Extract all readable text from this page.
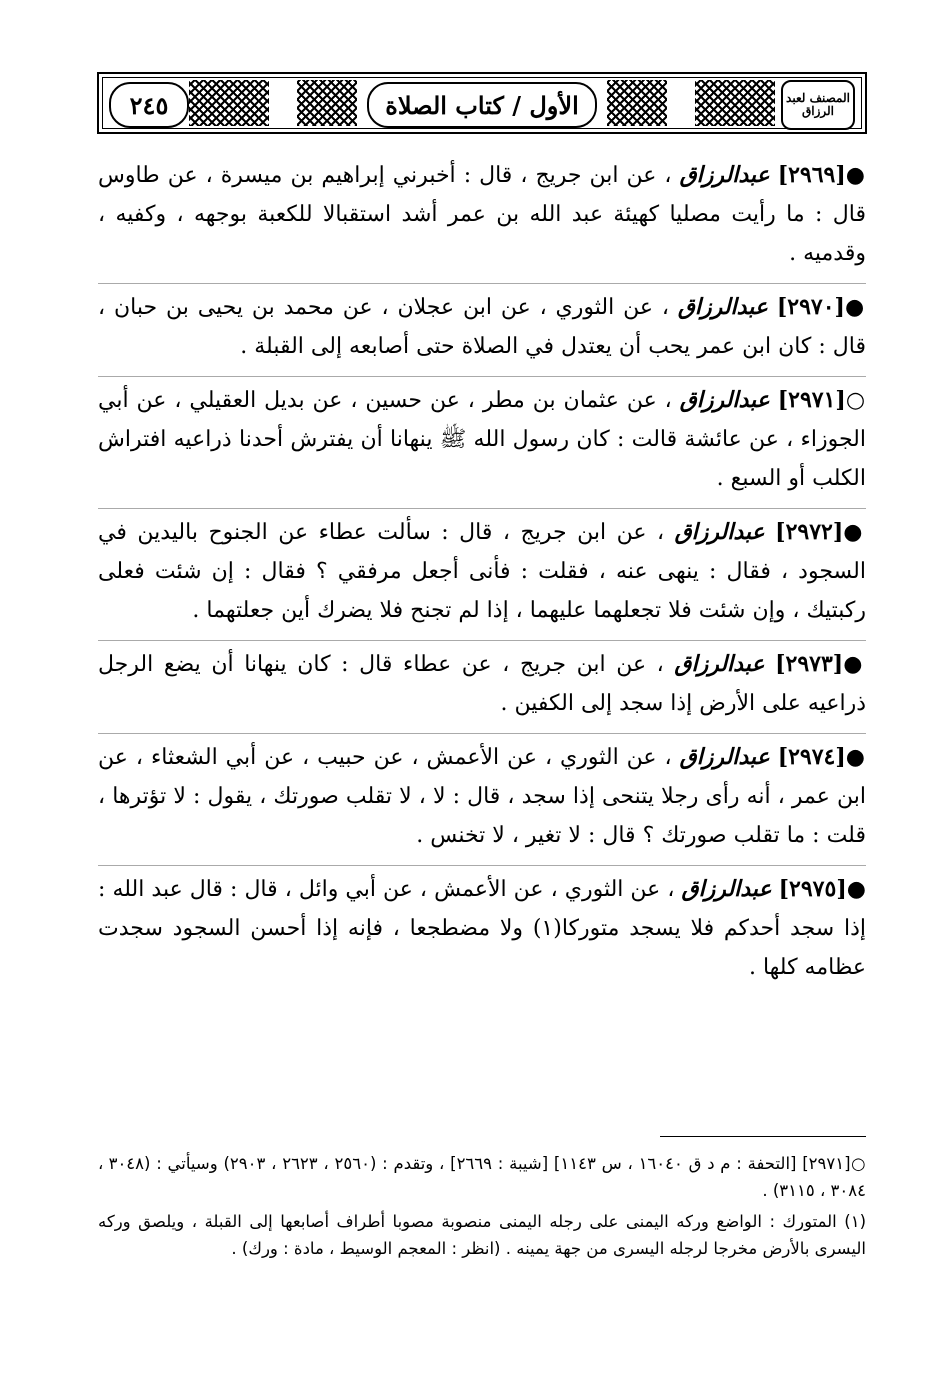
٢٤٥	الأول / كتاب الصلاة	المصنف لعبد الرزاق

●[٢٩٦٩] عبدالرزاق ، عن ابن جريج ، قال : أخبرني إبراهيم بن ميسرة ، عن طاوس قال : ما رأيت مصليا كهيئة عبد الله بن عمر أشد استقبالا للكعبة بوجهه ، وكفيه ، وقدميه .

●[٢٩٧٠] عبدالرزاق ، عن الثوري ، عن ابن عجلان ، عن محمد بن يحيى بن حبان ، قال : كان ابن عمر يحب أن يعتدل في الصلاة حتى أصابعه إلى القبلة .

○[٢٩٧١] عبدالرزاق ، عن عثمان بن مطر ، عن حسين ، عن بديل العقيلي ، عن أبي الجوزاء ، عن عائشة قالت : كان رسول الله ﷺ ينهانا أن يفترش أحدنا ذراعيه افتراش الكلب أو السبع .

●[٢٩٧٢] عبدالرزاق ، عن ابن جريج ، قال : سألت عطاء عن الجنوح باليدين في السجود ، فقال : ينهى عنه ، فقلت : فأنى أجعل مرفقي ؟ فقال : إن شئت فعلى ركبتيك ، وإن شئت فلا تجعلهما عليهما ، إذا لم تجنح فلا يضرك أين جعلتهما .

●[٢٩٧٣] عبدالرزاق ، عن ابن جريج ، عن عطاء قال : كان ينهانا أن يضع الرجل ذراعيه على الأرض إذا سجد إلى الكفين .

●[٢٩٧٤] عبدالرزاق ، عن الثوري ، عن الأعمش ، عن حبيب ، عن أبي الشعثاء ، عن ابن عمر ، أنه رأى رجلا يتنحى إذا سجد ، قال : لا ، لا تقلب صورتك ، يقول : لا تؤترها ، قلت : ما تقلب صورتك ؟ قال : لا تغير ، لا تخنس .

●[٢٩٧٥] عبدالرزاق ، عن الثوري ، عن الأعمش ، عن أبي وائل ، قال : قال عبد الله : إذا سجد أحدكم فلا يسجد متوركا(١) ولا مضطجعا ، فإنه إذا أحسن السجود سجدت عظامه كلها .

○[٢٩٧١] [التحفة : م د ق ١٦٠٤٠ ، س ١١٤٣] [شيبة : ٢٦٦٩] ، وتقدم : (٢٥٦٠ ، ٢٦٢٣ ، ٢٩٠٣) وسيأتي : (٣٠٤٨ ، ٣٠٨٤ ، ٣١١٥) .

(١) المتورك : الواضع وركه اليمنى على رجله اليمنى منصوبة مصوبا أطراف أصابعها إلى القبلة ، ويلصق وركه اليسرى بالأرض مخرجا لرجله اليسرى من جهة يمينه . (انظر : المعجم الوسيط ، مادة : ورك) .
